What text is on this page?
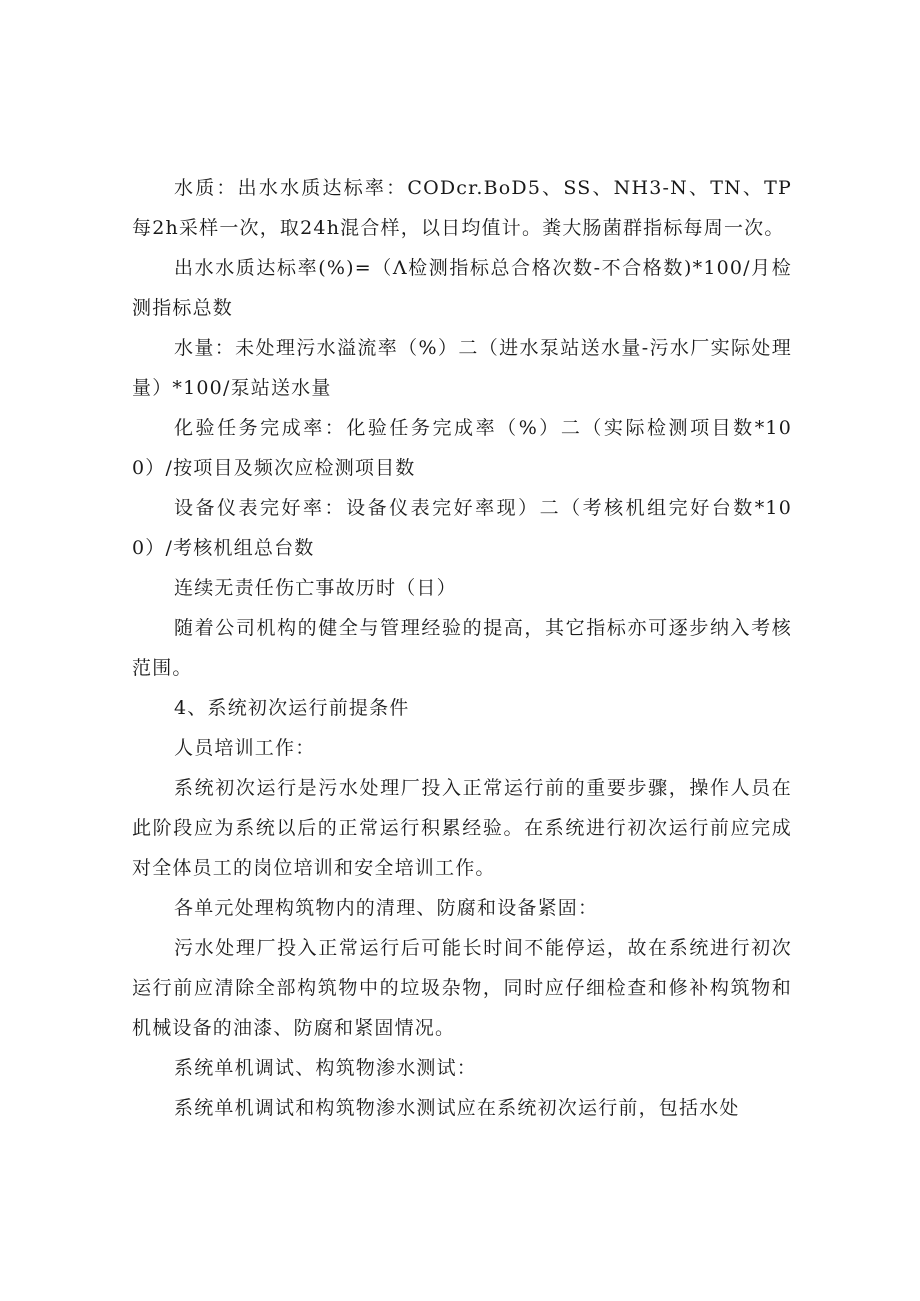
水质：出水水质达标率：CODcr.BoD5、SS、NH3-N、TN、TP每2h采样一次，取24h混合样，以日均值计。粪大肠菌群指标每周一次。

出水水质达标率(%)=（Λ检测指标总合格次数-不合格数)*100/月检测指标总数

水量：未处理污水溢流率（%）二（进水泵站送水量-污水厂实际处理量）*100/泵站送水量

化验任务完成率：化验任务完成率（%）二（实际检测项目数*100）/按项目及频次应检测项目数

设备仪表完好率：设备仪表完好率现）二（考核机组完好台数*100）/考核机组总台数

连续无责任伤亡事故历时（日）

随着公司机构的健全与管理经验的提高，其它指标亦可逐步纳入考核范围。

4、系统初次运行前提条件

人员培训工作：

系统初次运行是污水处理厂投入正常运行前的重要步骤，操作人员在此阶段应为系统以后的正常运行积累经验。在系统进行初次运行前应完成对全体员工的岗位培训和安全培训工作。

各单元处理构筑物内的清理、防腐和设备紧固：

污水处理厂投入正常运行后可能长时间不能停运，故在系统进行初次运行前应清除全部构筑物中的垃圾杂物，同时应仔细检查和修补构筑物和机械设备的油漆、防腐和紧固情况。

系统单机调试、构筑物渗水测试：

系统单机调试和构筑物渗水测试应在系统初次运行前，包括水处
